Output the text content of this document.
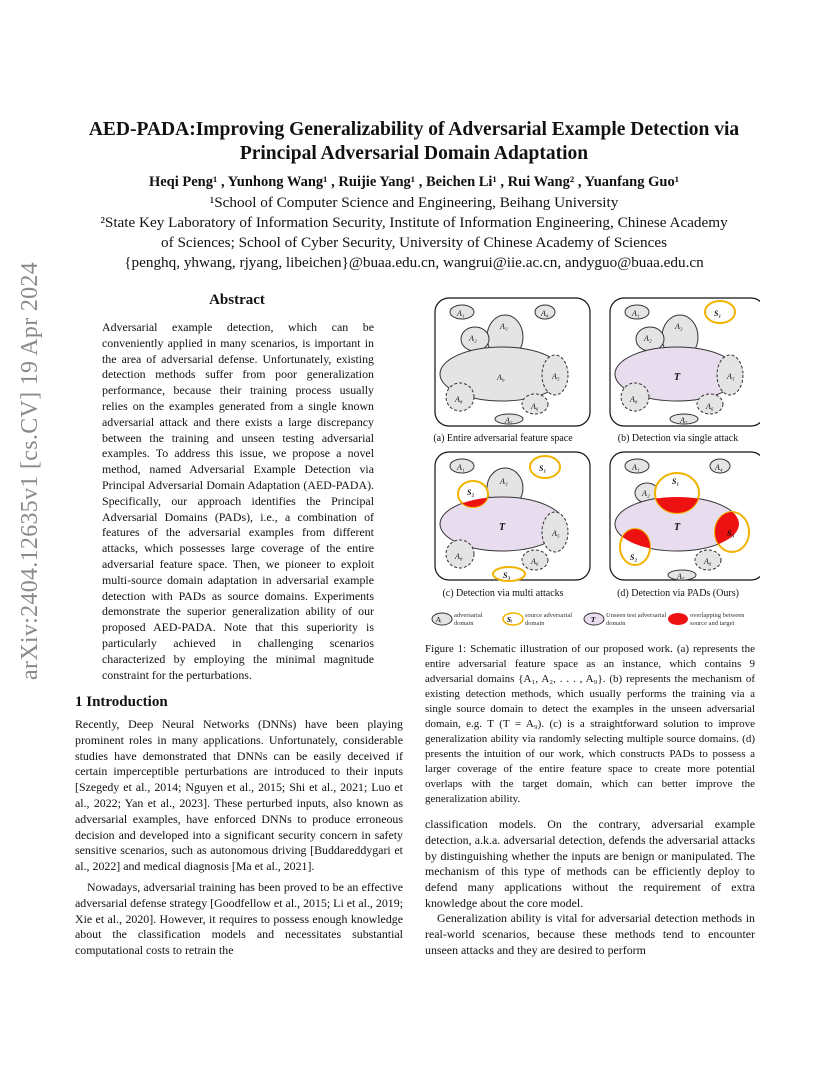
arXiv:2404.12635v1 [cs.CV] 19 Apr 2024
AED-PADA:Improving Generalizability of Adversarial Example Detection via
Principal Adversarial Domain Adaptation
Heqi Peng¹ , Yunhong Wang¹ , Ruijie Yang¹ , Beichen Li¹ , Rui Wang² , Yuanfang Guo¹
¹School of Computer Science and Engineering, Beihang University
²State Key Laboratory of Information Security, Institute of Information Engineering, Chinese Academy
of Sciences; School of Cyber Security, University of Chinese Academy of Sciences
{penghq, yhwang, rjyang, libeichen}@buaa.edu.cn, wangrui@iie.ac.cn, andyguo@buaa.edu.cn
Abstract
Adversarial example detection, which can be conveniently applied in many scenarios, is important in the area of adversarial defense. Unfortunately, existing detection methods suffer from poor generalization performance, because their training process usually relies on the examples generated from a single known adversarial attack and there exists a large discrepancy between the training and unseen testing adversarial examples. To address this issue, we propose a novel method, named Adversarial Example Detection via Principal Adversarial Domain Adaptation (AED-PADA). Specifically, our approach identifies the Principal Adversarial Domains (PADs), i.e., a combination of features of the adversarial examples from different attacks, which possesses large coverage of the entire adversarial feature space. Then, we pioneer to exploit multi-source domain adaptation in adversarial example detection with PADs as source domains. Experiments demonstrate the superior generalization ability of our proposed AED-PADA. Note that this superiority is particularly achieved in challenging scenarios characterized by employing the minimal magnitude constraint for the perturbations.
1 Introduction
Recently, Deep Neural Networks (DNNs) have been playing prominent roles in many applications. Unfortunately, considerable studies have demonstrated that DNNs can be easily deceived if certain imperceptible perturbations are introduced to their inputs [Szegedy et al., 2014; Nguyen et al., 2015; Shi et al., 2021; Luo et al., 2022; Yan et al., 2023]. These perturbed inputs, also known as adversarial examples, have enforced DNNs to produce erroneous decision and developed into a significant security concern in safety sensitive scenarios, such as autonomous driving [Buddareddygari et al., 2022] and medical diagnosis [Ma et al., 2021].
Nowadays, adversarial training has been proved to be an effective adversarial defense strategy [Goodfellow et al., 2015; Li et al., 2019; Xie et al., 2020]. However, it requires to possess enough knowledge about the classification models and necessitates substantial computational costs to retrain the
classification models. On the contrary, adversarial example detection, a.k.a. adversarial detection, defends the adversarial attacks by distinguishing whether the inputs are benign or manipulated. The mechanism of this type of methods can be efficiently deploy to defend many applications without the requirement of extra knowledge about the core model.
Generalization ability is vital for adversarial detection methods in real-world scenarios, because these methods tend to encounter unseen attacks and they are desired to perform
A₁	A₄
A₃
A₂
A₉	A₅
A₈
A₆
A₇
A₁	S₁
A₃
A₂
T	A₅
A₈
A₆
A₇
A₁	S₁
A₃
S₂
T
A₅
A₈
A₆
S₃
A₁	A₄
A₂
S₁
T
S₃
S₂	A₆
A₇
Aᵢ	Sᵢ	T
adversarial domain
source adversarial domain
Unseen test adversarial domain
overlapping between source and target
(a) Entire adversarial feature space	(b) Detection via single attack
(c) Detection via multi attacks	(d) Detection via PADs (Ours)
Figure 1: Schematic illustration of our proposed work. (a) represents the entire adversarial feature space as an instance, which contains 9 adversarial domains {A₁, A₂, . . . , A₉}. (b) represents the mechanism of existing detection methods, which usually performs the training via a single source domain to detect the examples in the unseen adversarial domain, e.g. T (T = A₉). (c) is a straightforward solution to improve generalization ability via randomly selecting multiple source domains. (d) presents the intuition of our work, which constructs PADs to possess a larger coverage of the entire feature space to create more potential overlaps with the target domain, which can better improve the generalization ability.
